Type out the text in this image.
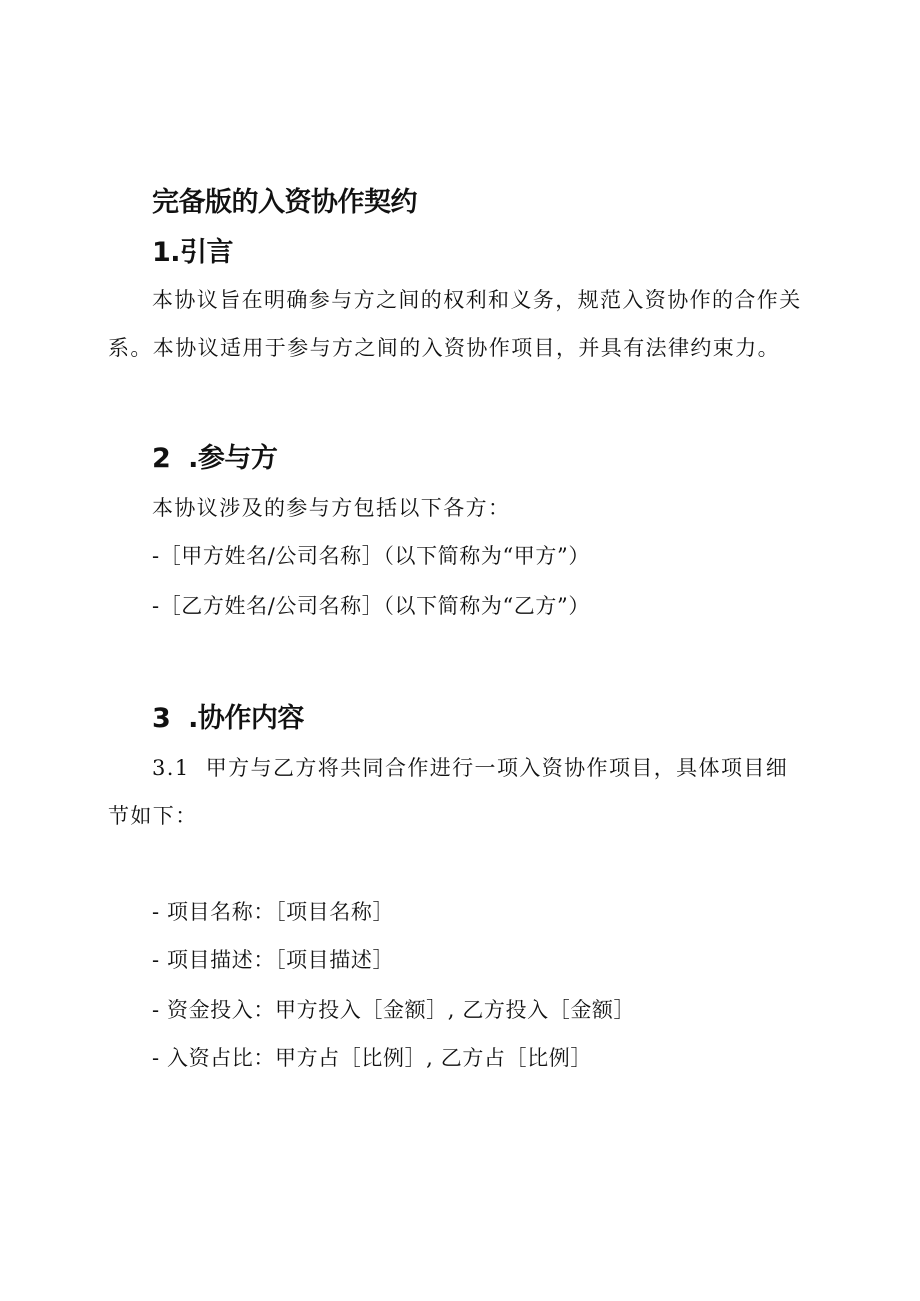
完备版的入资协作契约
1.引言

本协议旨在明确参与方之间的权利和义务，规范入资协作的合作关

系。本协议适用于参与方之间的入资协作项目，并具有法律约束力。

2  .参与方

本协议涉及的参与方包括以下各方：

-［甲方姓名/公司名称］（以下简称为“甲方”）

-［乙方姓名/公司名称］（以下简称为“乙方”）

3  .协作内容

3.1  甲方与乙方将共同合作进行一项入资协作项目，具体项目细

节如下：

- 项目名称：［项目名称］

- 项目描述：［项目描述］

- 资金投入：甲方投入［金额］, 乙方投入［金额］

- 入资占比：甲方占［比例］, 乙方占［比例］
